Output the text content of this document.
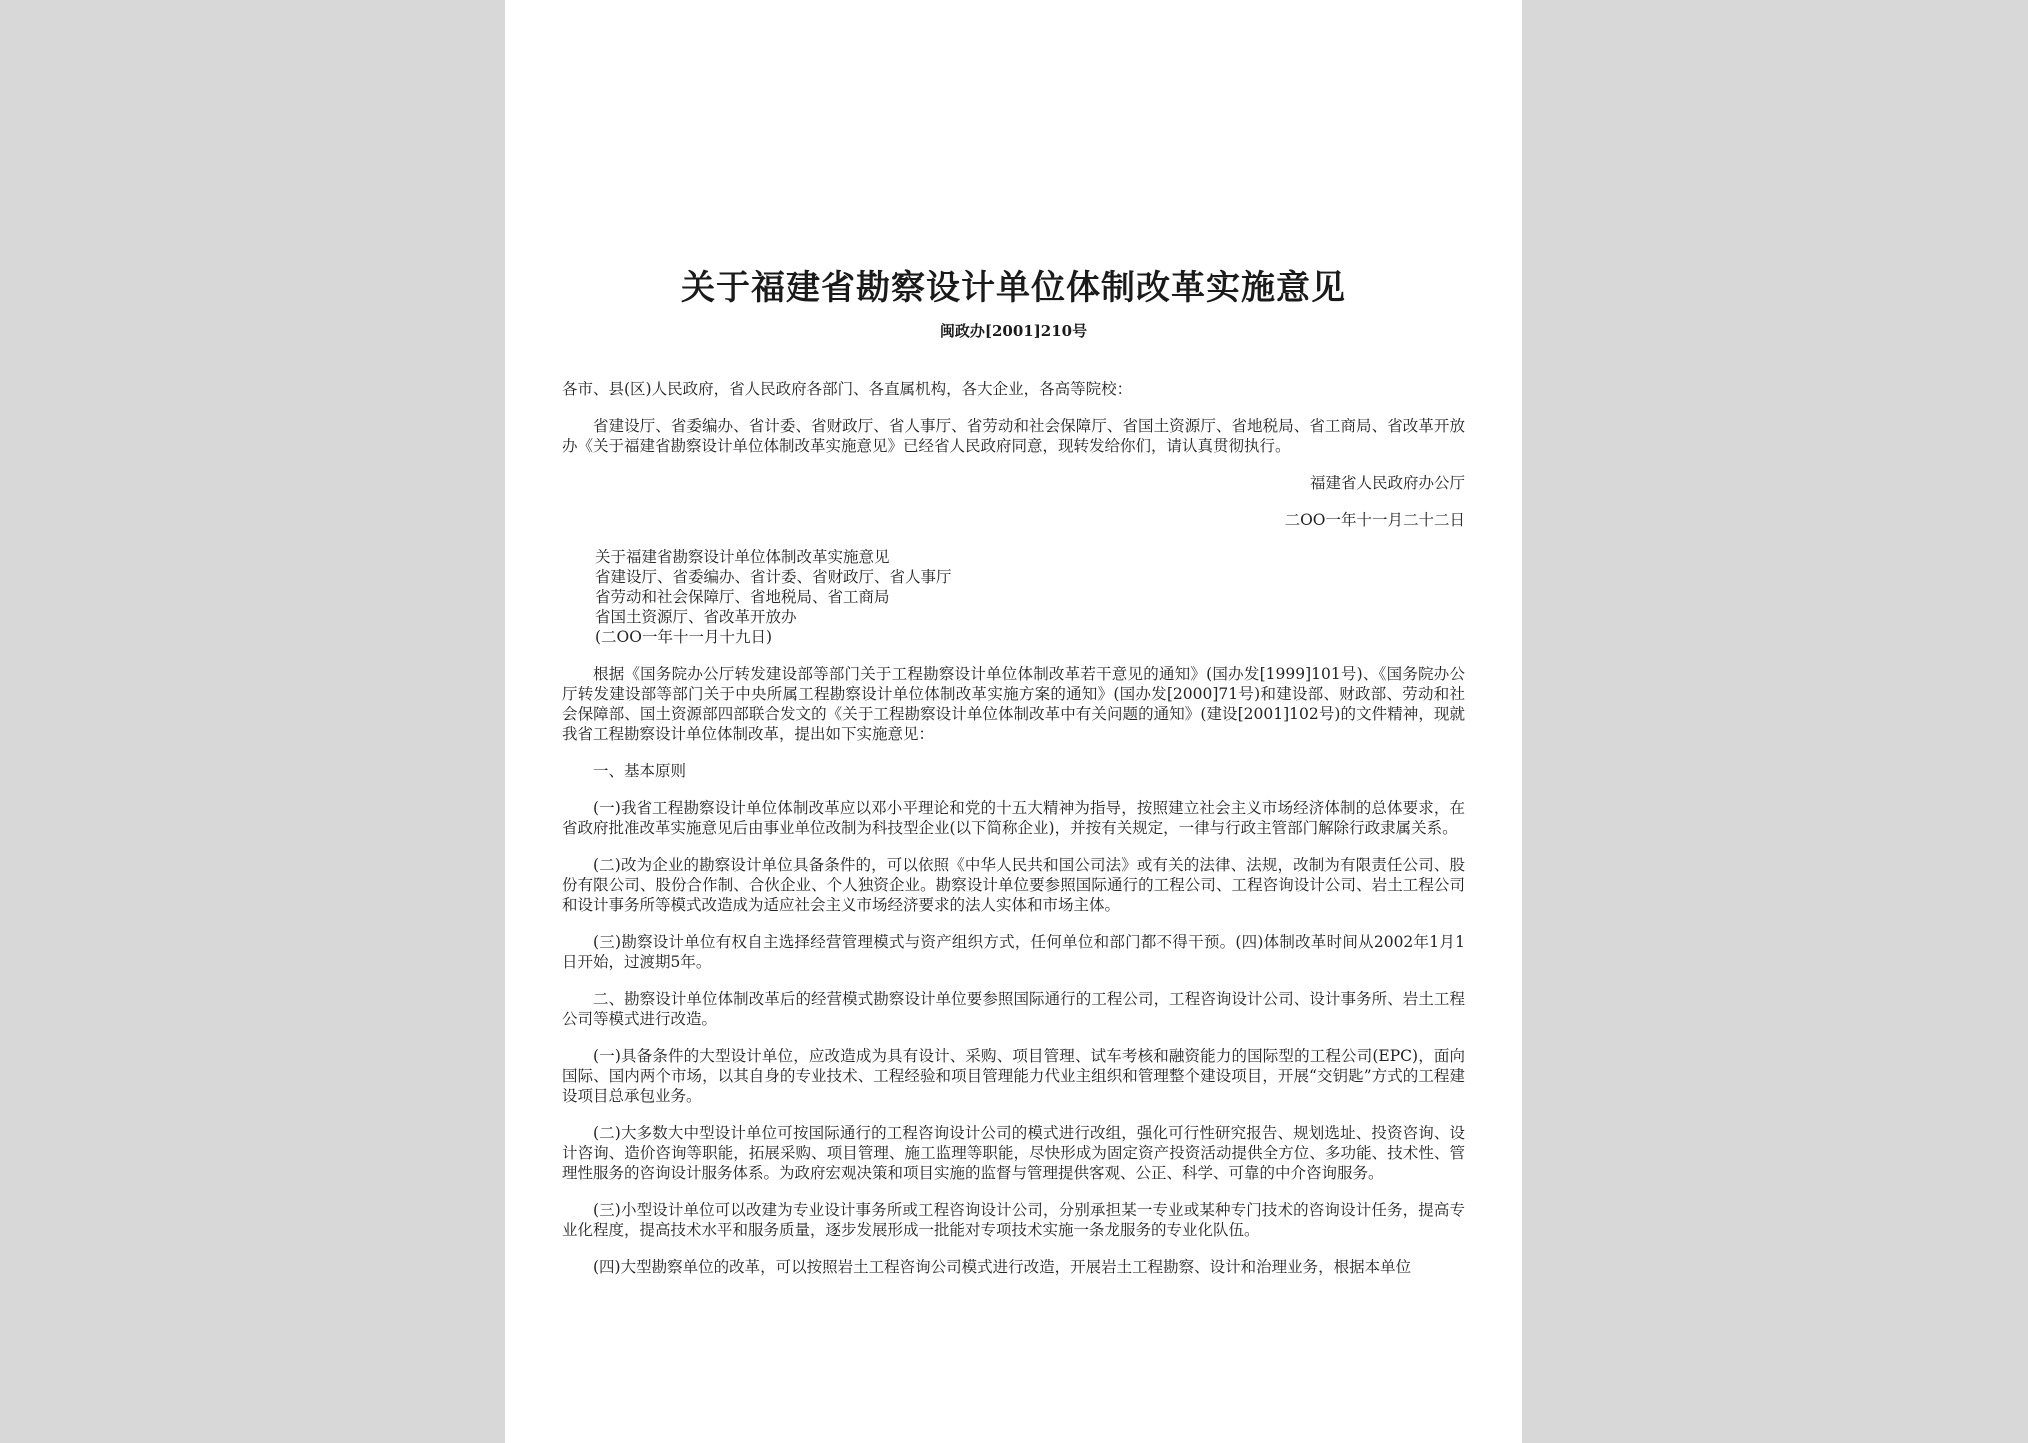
关于福建省勘察设计单位体制改革实施意见
闽政办[2001]210号

各市、县(区)人民政府，省人民政府各部门、各直属机构，各大企业，各高等院校：

省建设厅、省委编办、省计委、省财政厅、省人事厅、省劳动和社会保障厅、省国土资源厅、省地税局、省工商局、省改革开放办《关于福建省勘察设计单位体制改革实施意见》已经省人民政府同意，现转发给你们，请认真贯彻执行。

福建省人民政府办公厅

二OO一年十一月二十二日

关于福建省勘察设计单位体制改革实施意见

省建设厅、省委编办、省计委、省财政厅、省人事厅

省劳动和社会保障厅、省地税局、省工商局

省国土资源厅、省改革开放办

(二OO一年十一月十九日)

根据《国务院办公厅转发建设部等部门关于工程勘察设计单位体制改革若干意见的通知》(国办发[1999]101号)、《国务院办公厅转发建设部等部门关于中央所属工程勘察设计单位体制改革实施方案的通知》(国办发[2000]71号)和建设部、财政部、劳动和社会保障部、国土资源部四部联合发文的《关于工程勘察设计单位体制改革中有关问题的通知》(建设[2001]102号)的文件精神，现就我省工程勘察设计单位体制改革，提出如下实施意见：

一、基本原则

(一)我省工程勘察设计单位体制改革应以邓小平理论和党的十五大精神为指导，按照建立社会主义市场经济体制的总体要求，在省政府批准改革实施意见后由事业单位改制为科技型企业(以下简称企业)，并按有关规定，一律与行政主管部门解除行政隶属关系。

(二)改为企业的勘察设计单位具备条件的，可以依照《中华人民共和国公司法》或有关的法律、法规，改制为有限责任公司、股份有限公司、股份合作制、合伙企业、个人独资企业。勘察设计单位要参照国际通行的工程公司、工程咨询设计公司、岩土工程公司和设计事务所等模式改造成为适应社会主义市场经济要求的法人实体和市场主体。

(三)勘察设计单位有权自主选择经营管理模式与资产组织方式，任何单位和部门都不得干预。(四)体制改革时间从2002年1月1日开始，过渡期5年。

二、勘察设计单位体制改革后的经营模式勘察设计单位要参照国际通行的工程公司，工程咨询设计公司、设计事务所、岩土工程公司等模式进行改造。

(一)具备条件的大型设计单位，应改造成为具有设计、采购、项目管理、试车考核和融资能力的国际型的工程公司(EPC)，面向国际、国内两个市场，以其自身的专业技术、工程经验和项目管理能力代业主组织和管理整个建设项目，开展“交钥匙”方式的工程建设项目总承包业务。

(二)大多数大中型设计单位可按国际通行的工程咨询设计公司的模式进行改组，强化可行性研究报告、规划选址、投资咨询、设计咨询、造价咨询等职能，拓展采购、项目管理、施工监理等职能，尽快形成为固定资产投资活动提供全方位、多功能、技术性、管理性服务的咨询设计服务体系。为政府宏观决策和项目实施的监督与管理提供客观、公正、科学、可靠的中介咨询服务。

(三)小型设计单位可以改建为专业设计事务所或工程咨询设计公司，分别承担某一专业或某种专门技术的咨询设计任务，提高专业化程度，提高技术水平和服务质量，逐步发展形成一批能对专项技术实施一条龙服务的专业化队伍。

(四)大型勘察单位的改革，可以按照岩土工程咨询公司模式进行改造，开展岩土工程勘察、设计和治理业务，根据本单位
